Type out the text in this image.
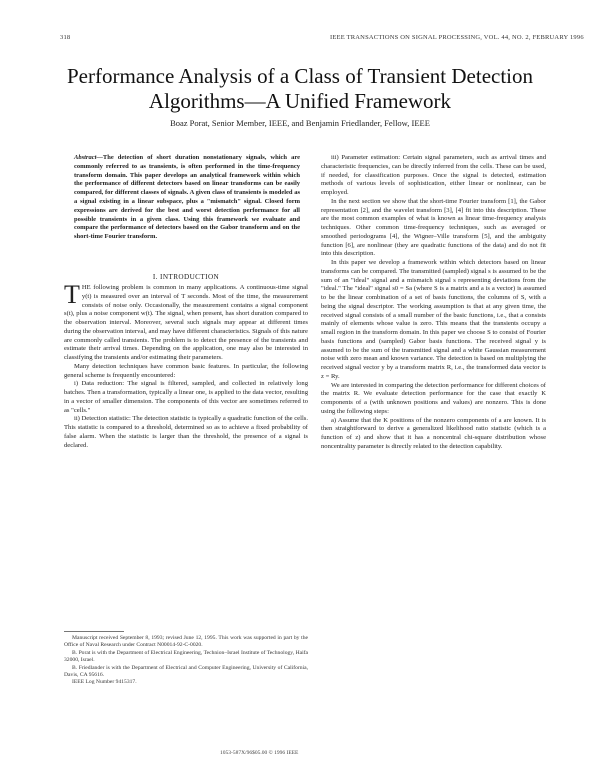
318	IEEE TRANSACTIONS ON SIGNAL PROCESSING, VOL. 44, NO. 2, FEBRUARY 1996
Performance Analysis of a Class of Transient Detection Algorithms—A Unified Framework
Boaz Porat, Senior Member, IEEE, and Benjamin Friedlander, Fellow, IEEE
Abstract—The detection of short duration nonstationary signals, which are commonly referred to as transients, is often performed in the time-frequency transform domain. This paper develops an analytical framework within which the performance of different detectors based on linear transforms can be easily compared, for different classes of signals. A given class of transients is modeled as a signal existing in a linear subspace, plus a "mismatch" signal. Closed form expressions are derived for the best and worst detection performance for all possible transients in a given class. Using this framework we evaluate and compare the performance of detectors based on the Gabor transform and on the short-time Fourier transform.
I. INTRODUCTION

THE following problem is common in many applications. A continuous-time signal y(t) is measured over an interval of T seconds. Most of the time, the measurement consists of noise only. Occasionally, the measurement contains a signal component s(t), plus a noise component w(t). The signal, when present, has short duration compared to the observation interval. Moreover, several such signals may appear at different times during the observation interval, and may have different characteristics. Signals of this nature are commonly called transients. The problem is to detect the presence of the transients and estimate their arrival times. Depending on the application, one may also be interested in classifying the transients and/or estimating their parameters.

Many detection techniques have common basic features. In particular, the following general scheme is frequently encountered:

i) Data reduction: The signal is filtered, sampled, and collected in relatively long batches. Then a transformation, typically a linear one, is applied to the data vector, resulting in a vector of smaller dimension. The components of this vector are sometimes referred to as "cells."

ii) Detection statistic: The detection statistic is typically a quadratic function of the cells. This statistic is compared to a threshold, determined so as to achieve a fixed probability of false alarm. When the statistic is larger than the threshold, the presence of a signal is declared.

Manuscript received September 8, 1993; revised June 12, 1995. This work was supported in part by the Office of Naval Research under Contract N00014-92-C-0020.

B. Porat is with the Department of Electrical Engineering, Technion–Israel Institute of Technology, Haifa 32000, Israel.

B. Friedlander is with the Department of Electrical and Computer Engineering, University of California, Davis, CA 95616.

IEEE Log Number 9415317.

iii) Parameter estimation: Certain signal parameters, such as arrival times and characteristic frequencies, can be directly inferred from the cells. These can be used, if needed, for classification purposes. Once the signal is detected, estimation methods of various levels of sophistication, either linear or nonlinear, can be employed.

In the next section we show that the short-time Fourier transform [1], the Gabor representation [2], and the wavelet transform [3], [4] fit into this description. These are the most common examples of what is known as linear time-frequency analysis techniques. Other common time-frequency techniques, such as averaged or smoothed periodograms [4], the Wigner–Ville transform [5], and the ambiguity function [6], are nonlinear (they are quadratic functions of the data) and do not fit into this description.

In this paper we develop a framework within which detectors based on linear transforms can be compared. The transmitted (sampled) signal s is assumed to be the sum of an "ideal" signal and a mismatch signal s representing deviations from the "ideal." The "ideal" signal s0 = Sa (where S is a matrix and a is a vector) is assumed to be the linear combination of a set of basis functions, the columns of S, with a being the signal descriptor. The working assumption is that at any given time, the received signal consists of a small number of the basic functions, i.e., that a consists mainly of elements whose value is zero. This means that the transients occupy a small region in the transform domain. In this paper we choose S to consist of Fourier basis functions and (sampled) Gabor basis functions. The received signal y is assumed to be the sum of the transmitted signal and a white Gaussian measurement noise with zero mean and known variance. The detection is based on multiplying the received signal vector y by a transform matrix R, i.e., the transformed data vector is z = Ry.

We are interested in comparing the detection performance for different choices of the matrix R. We evaluate detection performance for the case that exactly K components of a (with unknown positions and values) are nonzero. This is done using the following steps:

a) Assume that the K positions of the nonzero components of a are known. It is then straightforward to derive a generalized likelihood ratio statistic (which is a function of z) and show that it has a noncentral chi-square distribution whose noncentrality parameter is directly related to the detection capability.

1053-587X/96$05.00 © 1996 IEEE
